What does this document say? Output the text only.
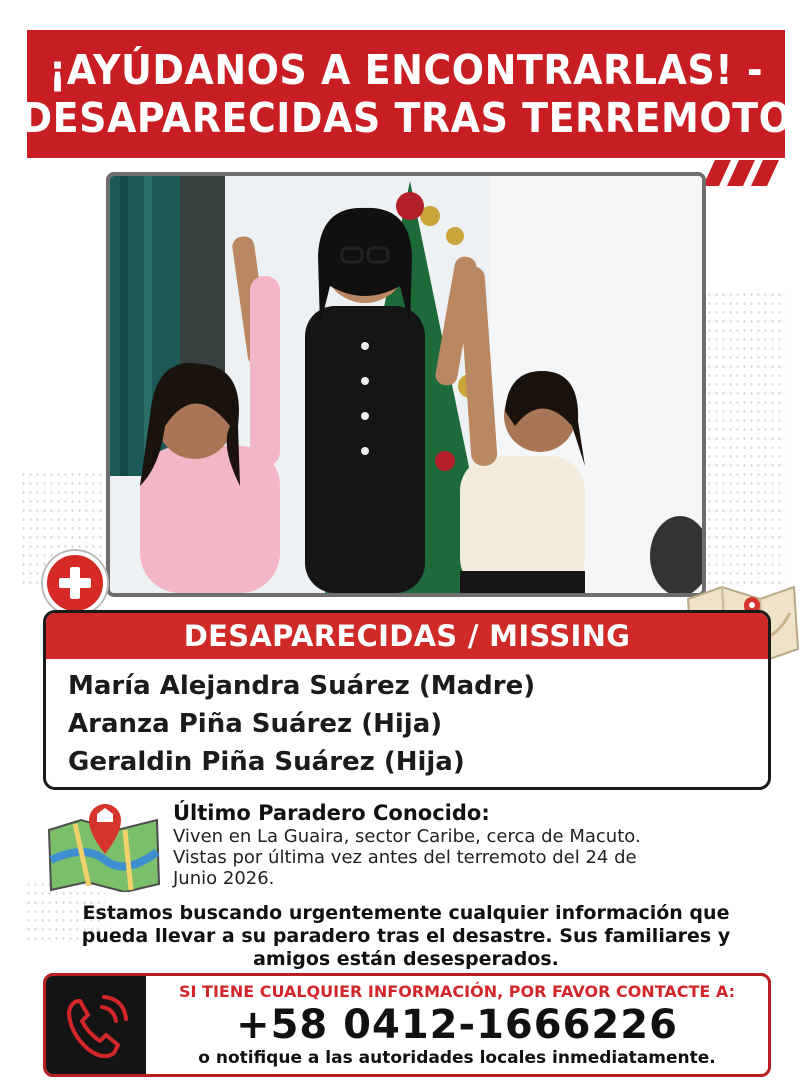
¡AYÚDANOS A ENCONTRARLAS! -
DESAPARECIDAS TRAS TERREMOTO
DESAPARECIDAS / MISSING
María Alejandra Suárez (Madre)
Aranza Piña Suárez (Hija)
Geraldin Piña Suárez (Hija)
Último Paradero Conocido:
Viven en La Guaira, sector Caribe, cerca de Macuto.
Vistas por última vez antes del terremoto del 24 de
Junio 2026.
Estamos buscando urgentemente cualquier información que
pueda llevar a su paradero tras el desastre. Sus familiares y
amigos están desesperados.
SI TIENE CUALQUIER INFORMACIÓN, POR FAVOR CONTACTE A:
+58 0412-1666226
o notifique a las autoridades locales inmediatamente.
